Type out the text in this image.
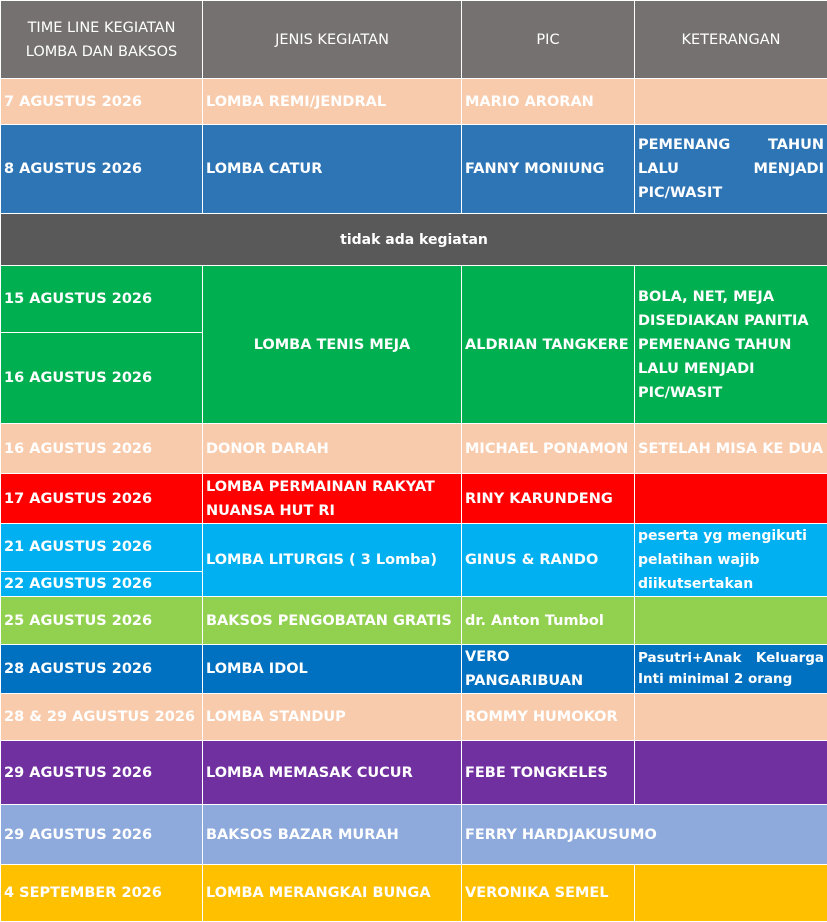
TIME LINE KEGIATAN LOMBA DAN BAKSOS	JENIS KEGIATAN	PIC	KETERANGAN
7 AGUSTUS 2026	LOMBA REMI/JENDRAL	MARIO ARORAN	
8 AGUSTUS 2026	LOMBA CATUR	FANNY MONIUNG	PEMENANG TAHUN LALU MENJADI PIC/WASIT
tidak ada kegiatan			
15 AGUSTUS 2026	LOMBA TENIS MEJA	ALDRIAN TANGKERE	BOLA, NET, MEJA DISEDIAKAN PANITIA PEMENANG TAHUN LALU MENJADI PIC/WASIT
16 AGUSTUS 2026			
16 AGUSTUS 2026	DONOR DARAH	MICHAEL PONAMON	SETELAH MISA KE DUA
17 AGUSTUS 2026	LOMBA PERMAINAN RAKYAT NUANSA HUT RI	RINY KARUNDENG	
21 AGUSTUS 2026	LOMBA LITURGIS ( 3 Lomba)	GINUS & RANDO	peserta yg mengikuti pelatihan wajib diikutsertakan
22 AGUSTUS 2026			
25 AGUSTUS 2026	BAKSOS PENGOBATAN GRATIS	dr. Anton Tumbol	
28 AGUSTUS 2026	LOMBA IDOL	VERO PANGARIBUAN	Pasutri+Anak Keluarga Inti minimal 2 orang
28 & 29 AGUSTUS 2026	LOMBA STANDUP	ROMMY HUMOKOR	
29 AGUSTUS 2026	LOMBA MEMASAK CUCUR	FEBE TONGKELES	
29 AGUSTUS 2026	BAKSOS BAZAR MURAH	FERRY HARDJAKUSUMO	
4 SEPTEMBER 2026	LOMBA MERANGKAI BUNGA	VERONIKA SEMEL	
